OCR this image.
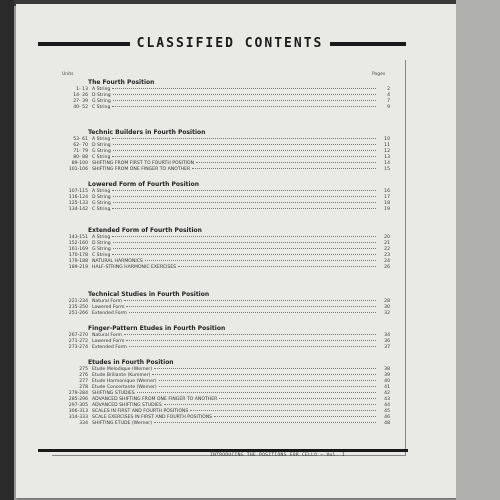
CLASSIFIED CONTENTS
Units	Pages
The Fourth Position
1- 13 A String	2
14- 26 D String	4
27- 39 G String	7
40- 52 C String	9
Technic Builders in Fourth Position
53- 61 A String	10
62- 70 D String	11
71- 79 G String	12
80- 88 C String	13
89-100 SHIFTING FROM FIRST TO FOURTH POSITION	14
101-106 SHIFTING FROM ONE FINGER TO ANOTHER	15
Lowered Form of Fourth Position
107-115 A String	16
116-124 D String	17
125-133 G String	18
134-142 C String	19
Extended Form of Fourth Position
143-151 A String	20
152-160 D String	21
161-169 G String	22
170-178 C String	23
179-188 NATURAL HARMONICS	24
189-219 HALF-STRING HARMONIC EXERCISES	26
Technical Studies in Fourth Position
221-234 Natural Form	28
235-250 Lowered Form	30
251-266 Extended Form	32
Finger-Pattern Etudes in Fourth Position
267-270 Natural Form	34
271-272 Lowered Form	36
273-274 Extended Form	37
Etudes in Fourth Position
275 Etude Melodique (Werner)	38
276 Etude Brillante (Kummer)	39
277 Etude Harmonique (Werner)	40
278 Etude Concertante (Werner)	41
279-284 SHIFTING STUDIES	42
285-296 ADVANCED SHIFTING FROM ONE FINGER TO ANOTHER	43
297-305 ADVANCED SHIFTING STUDIES	44
306-313 SCALES IN FIRST AND FOURTH POSITIONS	45
314-333 SCALE EXERCISES IN FIRST AND FOURTH POSITIONS	46
334 SHIFTING ETUDE (Werner)	48
INTRODUCING THE POSITIONS FOR CELLO — Vol. I
